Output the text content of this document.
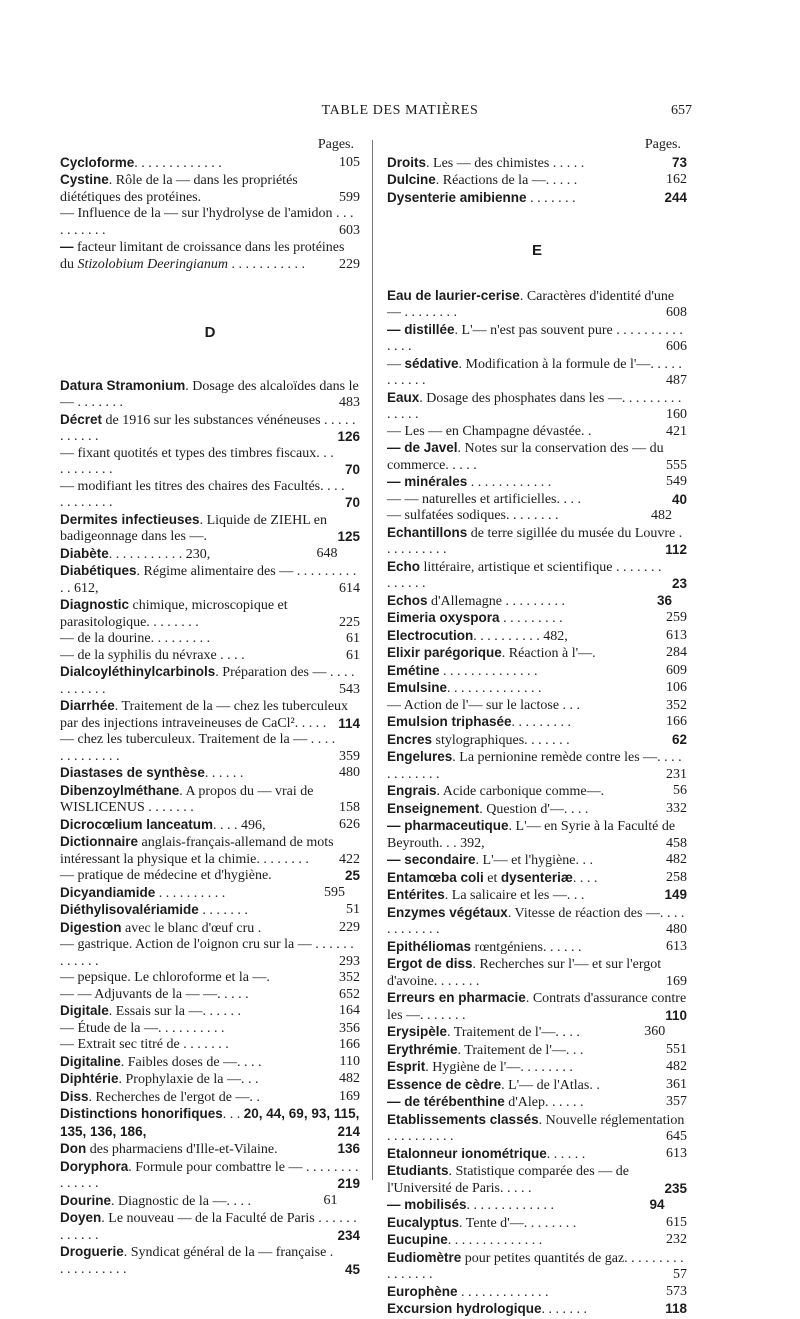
TABLE DES MATIÈRES	657
Pages.
Cycloforme. . . . . . . . . . . . .	105
Cystine. Rôle de la — dans les propriétés diététiques des protéines.	599
— Influence de la — sur l'hydrolyse de l'amidon . . . . . . . . . .	603
— facteur limitant de croissance dans les protéines du Stizolobium Deeringianum . . . . . . . . . . . 229
D
Datura Stramonium. Dosage des alcaloïdes dans le — . . . . . . .	483
Décret de 1916 sur les substances vénéneuses . . . . . . . . . . .	126
— fixant quotités et types des timbres fiscaux. . . . . . . . . . .	70
— modifiant les titres des chaires des Facultés. . . . . . . . . . . .	70
Dermites infectieuses. Liquide de ZIEHL en badigeonnage dans les —.	125
Diabète. . . . . . . . . . . 230,	648
Diabétiques. Régime alimentaire des — . . . . . . . . . . . 612,	614
Diagnostic chimique, microscopique et parasitologique. . . . . . . .	225
— de la dourine. . . . . . . . .	61
— de la syphilis du névraxe . . . .	61
Dialcoyléthinylcarbinols. Préparation des — . . . . . . . . . . .	543
Diarrhée. Traitement de la — chez les tuberculeux par des injections intraveineuses de CaCl². . . . . 114
— chez les tuberculeux. Traitement de la — . . . . . . . . . . . . .	359
Diastases de synthèse. . . . . .	480
Dibenzoylméthane. A propos du — vrai de WISLICENUS . . . . . . .	158
Dicrocœlium lanceatum. . . . 496,	626
Dictionnaire anglais-français-allemand de mots intéressant la physique et la chimie. . . . . . . . 422
— pratique de médecine et d'hygiène.	25
Dicyandiamide . . . . . . . . . .	595
Diéthylisovalériamide . . . . . . .	51
Digestion avec le blanc d'œuf cru .	229
— gastrique. Action de l'oignon cru sur la — . . . . . . . . . . . .	293
— pepsique. Le chloroforme et la —.	352
— — Adjuvants de la — —. . . . .	652
Digitale. Essais sur la —. . . . . .	164
— Étude de la —. . . . . . . . . .	356
— Extrait sec titré de . . . . . . .	166
Digitaline. Faibles doses de —. . . .	110
Diphtérie. Prophylaxie de la —. . .	482
Diss. Recherches de l'ergot de —. .	169
Distinctions honorifiques. . . 20, 44, 69, 93, 115, 135, 136, 186,	214
Don des pharmaciens d'Ille-et-Vilaine.	136
Doryphora. Formule pour combattre le — . . . . . . . . . . . . . .	219
Dourine. Diagnostic de la —. . . .	61
Doyen. Le nouveau — de la Faculté de Paris . . . . . . . . . . . .	234
Droguerie. Syndicat général de la — française . . . . . . . . . . .	45
Pages.
Droits. Les — des chimistes . . . . .	73
Dulcine. Réactions de la —. . . . .	162
Dysenterie amibienne . . . . . . .	244
E
Eau de laurier-cerise. Caractères d'identité d'une — . . . . . . . .	608
— distillée. L'— n'est pas souvent pure . . . . . . . . . . . . . .	606
— sédative. Modification à la formule de l'—. . . . . . . . . . .	487
Eaux. Dosage des phosphates dans les —. . . . . . . . . . . . . .	160
— Les — en Champagne dévastée. .	421
— de Javel. Notes sur la conservation des — du commerce. . . . .	555
— minérales . . . . . . . . . . . .	549
— — naturelles et artificielles. . . .	40
— sulfatées sodiques. . . . . . . .	482
Echantillons de terre sigillée du musée du Louvre . . . . . . . . . .	112
Echo littéraire, artistique et scientifique . . . . . . . . . . . . .	23
Echos d'Allemagne . . . . . . . . .	36
Eimeria oxyspora . . . . . . . . .	259
Electrocution. . . . . . . . . . 482,	613
Elixir parégorique. Réaction à l'—.	284
Emétine . . . . . . . . . . . . . .	609
Emulsine. . . . . . . . . . . . . .	106
— Action de l'— sur le lactose . . .	352
Emulsion triphasée. . . . . . . . .	166
Encres stylographiques. . . . . . .	62
Engelures. La pernionine remède contre les —. . . . . . . . . . . .	231
Engrais. Acide carbonique comme—.	56
Enseignement. Question d'—. . . .	332
— pharmaceutique. L'— en Syrie à la Faculté de Beyrouth. . . 392,	458
— secondaire. L'— et l'hygiène. . .	482
Entamœba coli et dysenteriæ. . . .	258
Entérites. La salicaire et les —. . .	149
Enzymes végétaux. Vitesse de réaction des —. . . . . . . . . . . .	480
Epithéliomas rœntgéniens. . . . . .	613
Ergot de diss. Recherches sur l'— et sur l'ergot d'avoine. . . . . . .	169
Erreurs en pharmacie. Contrats d'assurance contre les —. . . . . . .	110
Erysipèle. Traitement de l'—. . . .	360
Erythrémie. Traitement de l'—. . .	551
Esprit. Hygiène de l'—. . . . . . . .	482
Essence de cèdre. L'— de l'Atlas. .	361
— de térébenthine d'Alep. . . . . .	357
Etablissements classés. Nouvelle réglementation . . . . . . . . . .	645
Etalonneur ionométrique. . . . . .	613
Etudiants. Statistique comparée des — de l'Université de Paris. . . . .	235
— mobilisés. . . . . . . . . . . . .	94
Eucalyptus. Tente d'—. . . . . . . .	615
Eucupine. . . . . . . . . . . . . .	232
Eudiomètre pour petites quantités de gaz. . . . . . . . . . . . . . . .	57
Europhène . . . . . . . . . . . . .	573
Excursion hydrologique. . . . . . .	118
